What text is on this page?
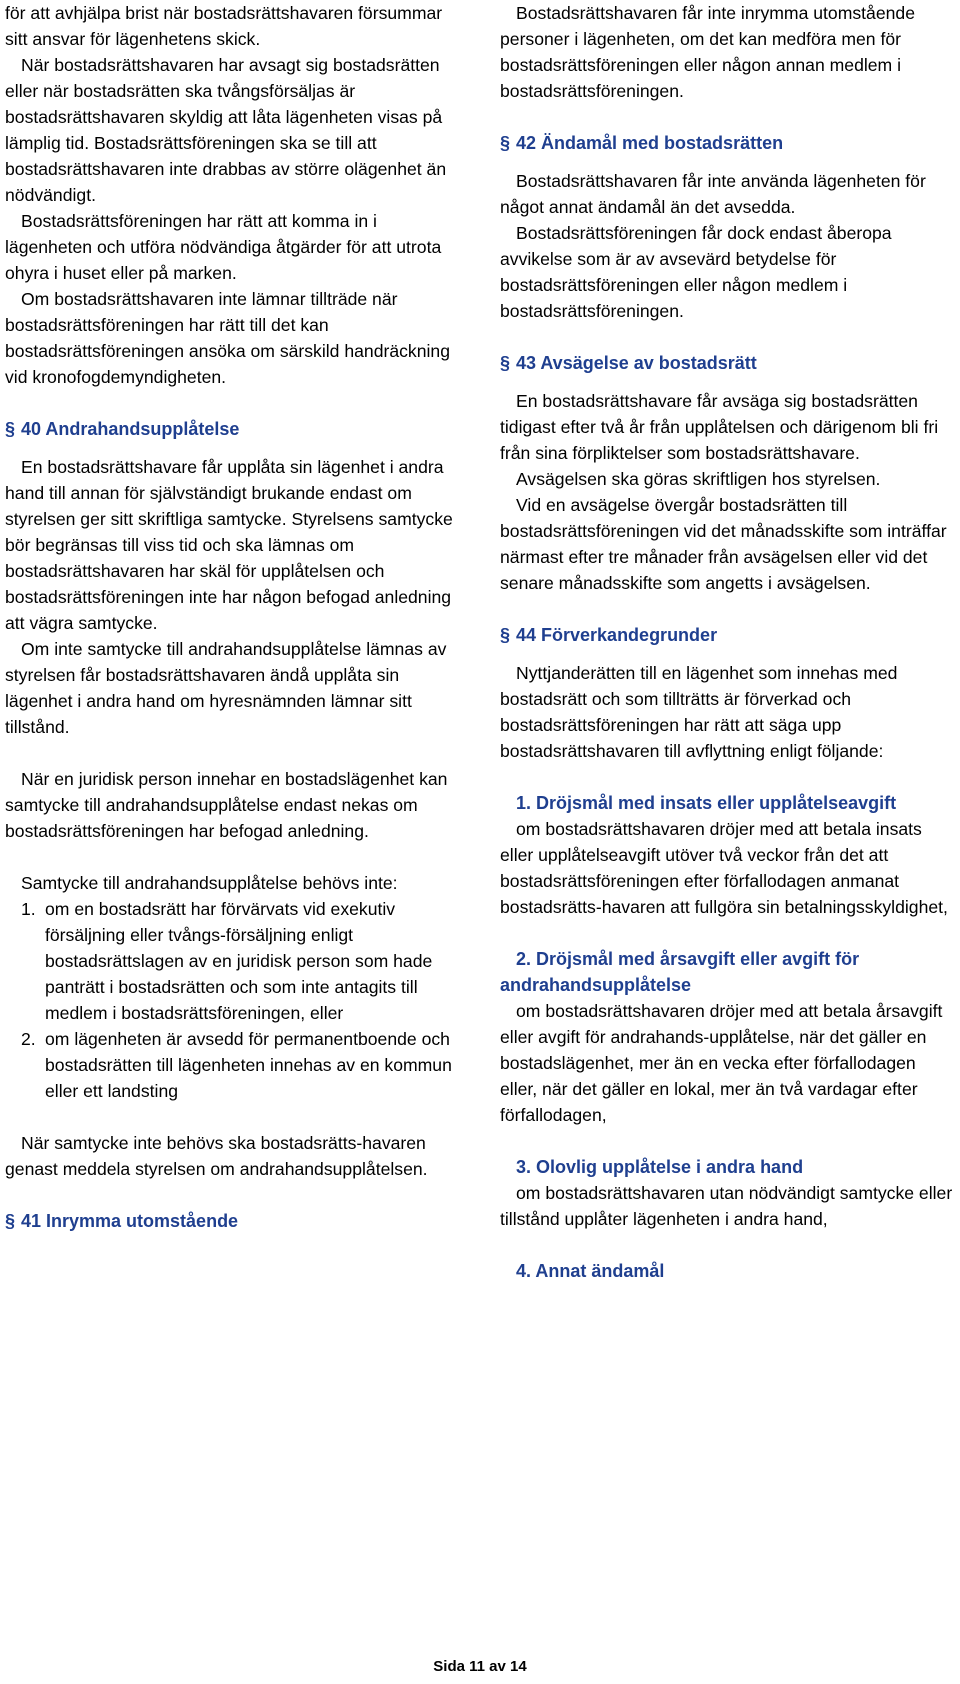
för att avhjälpa brist när bostadsrättshavaren försummar sitt ansvar för lägenhetens skick.

När bostadsrättshavaren har avsagt sig bostadsrätten eller när bostadsrätten ska tvångsförsäljas är bostadsrättshavaren skyldig att låta lägenheten visas på lämplig tid. Bostadsrättsföreningen ska se till att bostadsrättshavaren inte drabbas av större olägenhet än nödvändigt.

Bostadsrättsföreningen har rätt att komma in i lägenheten och utföra nödvändiga åtgärder för att utrota ohyra i huset eller på marken.

Om bostadsrättshavaren inte lämnar tillträde när bostadsrättsföreningen har rätt till det kan bostadsrättsföreningen ansöka om särskild handräckning vid kronofogdemyndigheten.

§ 40 Andrahandsupplåtelse

En bostadsrättshavare får upplåta sin lägenhet i andra hand till annan för självständigt brukande endast om styrelsen ger sitt skriftliga samtycke. Styrelsens samtycke bör begränsas till viss tid och ska lämnas om bostadsrättshavaren har skäl för upplåtelsen och bostadsrättsföreningen inte har någon befogad anledning att vägra samtycke.

Om inte samtycke till andrahandsupplåtelse lämnas av styrelsen får bostadsrättshavaren ändå upplåta sin lägenhet i andra hand om hyresnämnden lämnar sitt tillstånd.

När en juridisk person innehar en bostadslägenhet kan samtycke till andrahandsupplåtelse endast nekas om bostadsrättsföreningen har befogad anledning.

Samtycke till andrahandsupplåtelse behövs inte:

1. om en bostadsrätt har förvärvats vid exekutiv försäljning eller tvångs-försäljning enligt bostadsrättslagen av en juridisk person som hade panträtt i bostadsrätten och som inte antagits till medlem i bostadsrättsföreningen, eller
2. om lägenheten är avsedd för permanentboende och bostadsrätten till lägenheten innehas av en kommun eller ett landsting

När samtycke inte behövs ska bostadsrätts-havaren genast meddela styrelsen om andrahandsupplåtelsen.

§ 41 Inrymma utomstående

Bostadsrättshavaren får inte inrymma utomstående personer i lägenheten, om det kan medföra men för bostadsrättsföreningen eller någon annan medlem i bostadsrättsföreningen.

§ 42 Ändamål med bostadsrätten

Bostadsrättshavaren får inte använda lägenheten för något annat ändamål än det avsedda.

Bostadsrättsföreningen får dock endast åberopa avvikelse som är av avsevärd betydelse för bostadsrättsföreningen eller någon medlem i bostadsrättsföreningen.

§ 43 Avsägelse av bostadsrätt

En bostadsrättshavare får avsäga sig bostadsrätten tidigast efter två år från upplåtelsen och därigenom bli fri från sina förpliktelser som bostadsrättshavare.

Avsägelsen ska göras skriftligen hos styrelsen.

Vid en avsägelse övergår bostadsrätten till bostadsrättsföreningen vid det månadsskifte som inträffar närmast efter tre månader från avsägelsen eller vid det senare månadsskifte som angetts i avsägelsen.

§ 44 Förverkandegrunder

Nyttjanderätten till en lägenhet som innehas med bostadsrätt och som tillträtts är förverkad och bostadsrättsföreningen har rätt att säga upp bostadsrättshavaren till avflyttning enligt följande:

1. Dröjsmål med insats eller upplåtelseavgift

om bostadsrättshavaren dröjer med att betala insats eller upplåtelseavgift utöver två veckor från det att bostadsrättsföreningen efter förfallodagen anmanat bostadsrätts-havaren att fullgöra sin betalningsskyldighet,

2. Dröjsmål med årsavgift eller avgift för andrahandsupplåtelse

om bostadsrättshavaren dröjer med att betala årsavgift eller avgift för andrahands-upplåtelse, när det gäller en bostadslägenhet, mer än en vecka efter förfallodagen eller, när det gäller en lokal, mer än två vardagar efter förfallodagen,

3. Olovlig upplåtelse i andra hand

om bostadsrättshavaren utan nödvändigt samtycke eller tillstånd upplåter lägenheten i andra hand,

4. Annat ändamål

Sida 11 av 14
